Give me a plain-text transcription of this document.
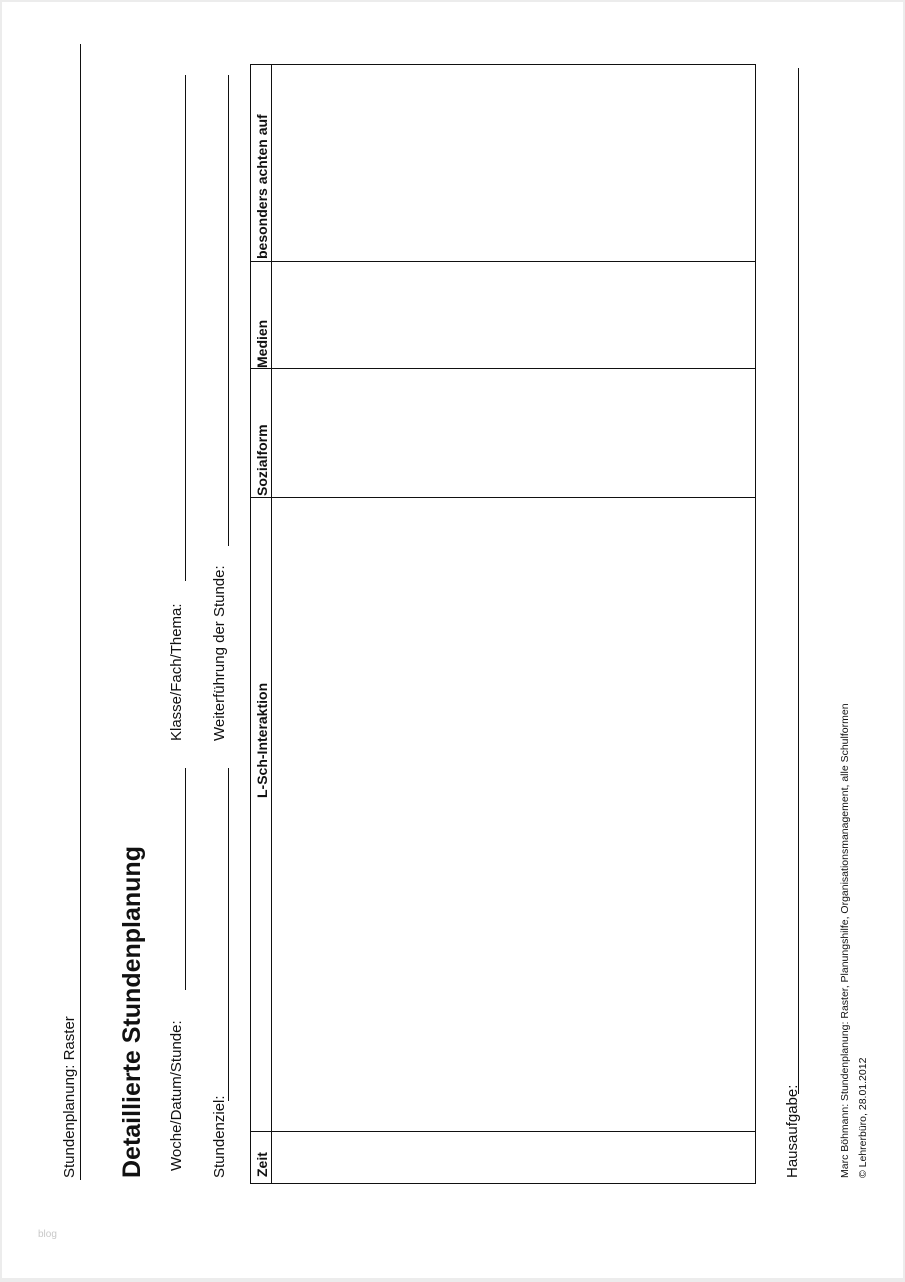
Stundenplanung: Raster Detaillierte Stundenplanung Woche/Datum/Stunde:
Klasse/Fach/Thema:
Stundenziel:
Weiterführung der Stunde:
Zeit
L-Sch-Interaktion
Sozialform
Medien
besonders achten auf
Hausaufgabe:	Marc Böhmann: Stundenplanung: Raster, Planungshilfe, Organisationsmanagement, alle Schulformen © Lehrerbüro, 28.01.2012
blog
